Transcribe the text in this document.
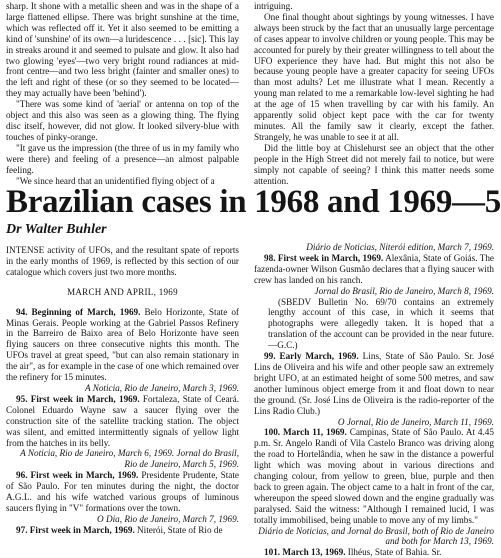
sharp. It shone with a metallic sheen and was in the shape of a large flattened ellipse. There was bright sunshine at the time, which was reflected off it. Yet it also seemed to be emitting a kind of 'sunshine' of its own—a luridescence . . . [sic]. This lay in streaks around it and seemed to pulsate and glow. It also had two glowing 'eyes'—two very bright round radiances at mid-front centre—and two less bright (fainter and smaller ones) to the left and right of these (or so they seemed to be located—they may actually have been 'behind').

"There was some kind of 'aerial' or antenna on top of the object and this also was seen as a glowing thing. The flying disc itself, however, did not glow. It looked silvery-blue with touches of pinky-orange.

"It gave us the impression (the three of us in my family who were there) and feeling of a presence—an almost palpable feeling.

"We since heard that an unidentified flying object of a

intriguing.

One final thought about sightings by young witnesses. I have always been struck by the fact that an unusually large percentage of cases appear to involve children or young people. This may be accounted for purely by their greater willingness to tell about the UFO experience they have had. But might this not also be because young people have a greater capacity for seeing UFOs than most adults? Let me illustrate what I mean. Recently a young man related to me a remarkable low-level sighting he had at the age of 15 when travelling by car with his family. An apparently solid object kept pace with the car for twenty minutes. All the family saw it clearly, except the father. Strangely, he was unable to see it at all.

Did the little boy at Chislehurst see an object that the other people in the High Street did not merely fail to notice, but were simply not capable of seeing? I think this matter needs some attention.

Brazilian cases in 1968 and 1969—5

Dr Walter Buhler

INTENSE activity of UFOs, and the resultant spate of reports in the early months of 1969, is reflected by this section of our catalogue which covers just two more months.

MARCH AND APRIL, 1969

94. Beginning of March, 1969. Belo Horizonte, State of Minas Gerais. People working at the Gabriel Passos Refinery in the Barreiro de Baixo area of Belo Horizonte have seen flying saucers on three consecutive nights this month. The UFOs travel at great speed, "but can also remain stationary in the air", as for example in the case of one which remained over the refinery for 15 minutes.

A Noticia, Rio de Janeiro, March 3, 1969.

95. First week in March, 1969. Fortaleza, State of Ceará. Colonel Eduardo Wayne saw a saucer flying over the construction site of the satellite tracking station. The object was silent, and emitted intermittently signals of yellow light from the hatches in its belly.

A Noticia, Rio de Janeiro, March 6, 1969. Jornal do Brasil, Rio de Janeiro, March 5, 1969.

96. First week in March, 1969. Presidente Prudente, State of São Paulo. For ten minutes during the night, the doctor A.G.L. and his wife watched various groups of luminous saucers flying in "V" formations over the town.

O Dia, Rio de Janeiro, March 7, 1969.

97. First week in March, 1969. Niterói, State of Rio de

Diário de Noticias, Niterói edition, March 7, 1969.

98. First week in March, 1969. Alexânia, State of Goiás. The fazenda-owner Wilson Gusmão declares that a flying saucer with crew has landed on his ranch.

Jornal do Brasil, Rio de Janeiro, March 8, 1969.

(SBEDV Bulletin No. 69/70 contains an extremely lengthy account of this case, in which it seems that photographs were allegedly taken. It is hoped that a translation of the account can be provided in the near future.—G.C.)

99. Early March, 1969. Lins, State of São Paulo. Sr. José Lins de Oliveira and his wife and other people saw an extremely bright UFO, at an estimated height of some 500 metres, and saw another luminous object emerge from it and float down to near the ground. (Sr. José Lins de Oliveira is the radio-reporter of the Lins Radio Club.)

O Jornal, Rio de Janeiro, March 11, 1969.

100. March 11, 1969. Campinas, State of São Paulo. At 4.45 p.m. Sr. Angelo Randi of Vila Castelo Branco was driving along the road to Hortelândia, when he saw in the distance a powerful light which was moving about in various directions and changing colour, from yellow to green, blue, purple and then back to green again. The object came to a halt in front of the car, whereupon the speed slowed down and the engine gradually was paralysed. Said the witness: "Although I remained lucid, I was totally immobilised, being unable to move any of my limbs."

Diário de Noticias, and Jornal do Brasil, both of Rio de Janeiro and both for March 13, 1969.

101. March 13, 1969. Ilhéus, State of Bahia. Sr.
